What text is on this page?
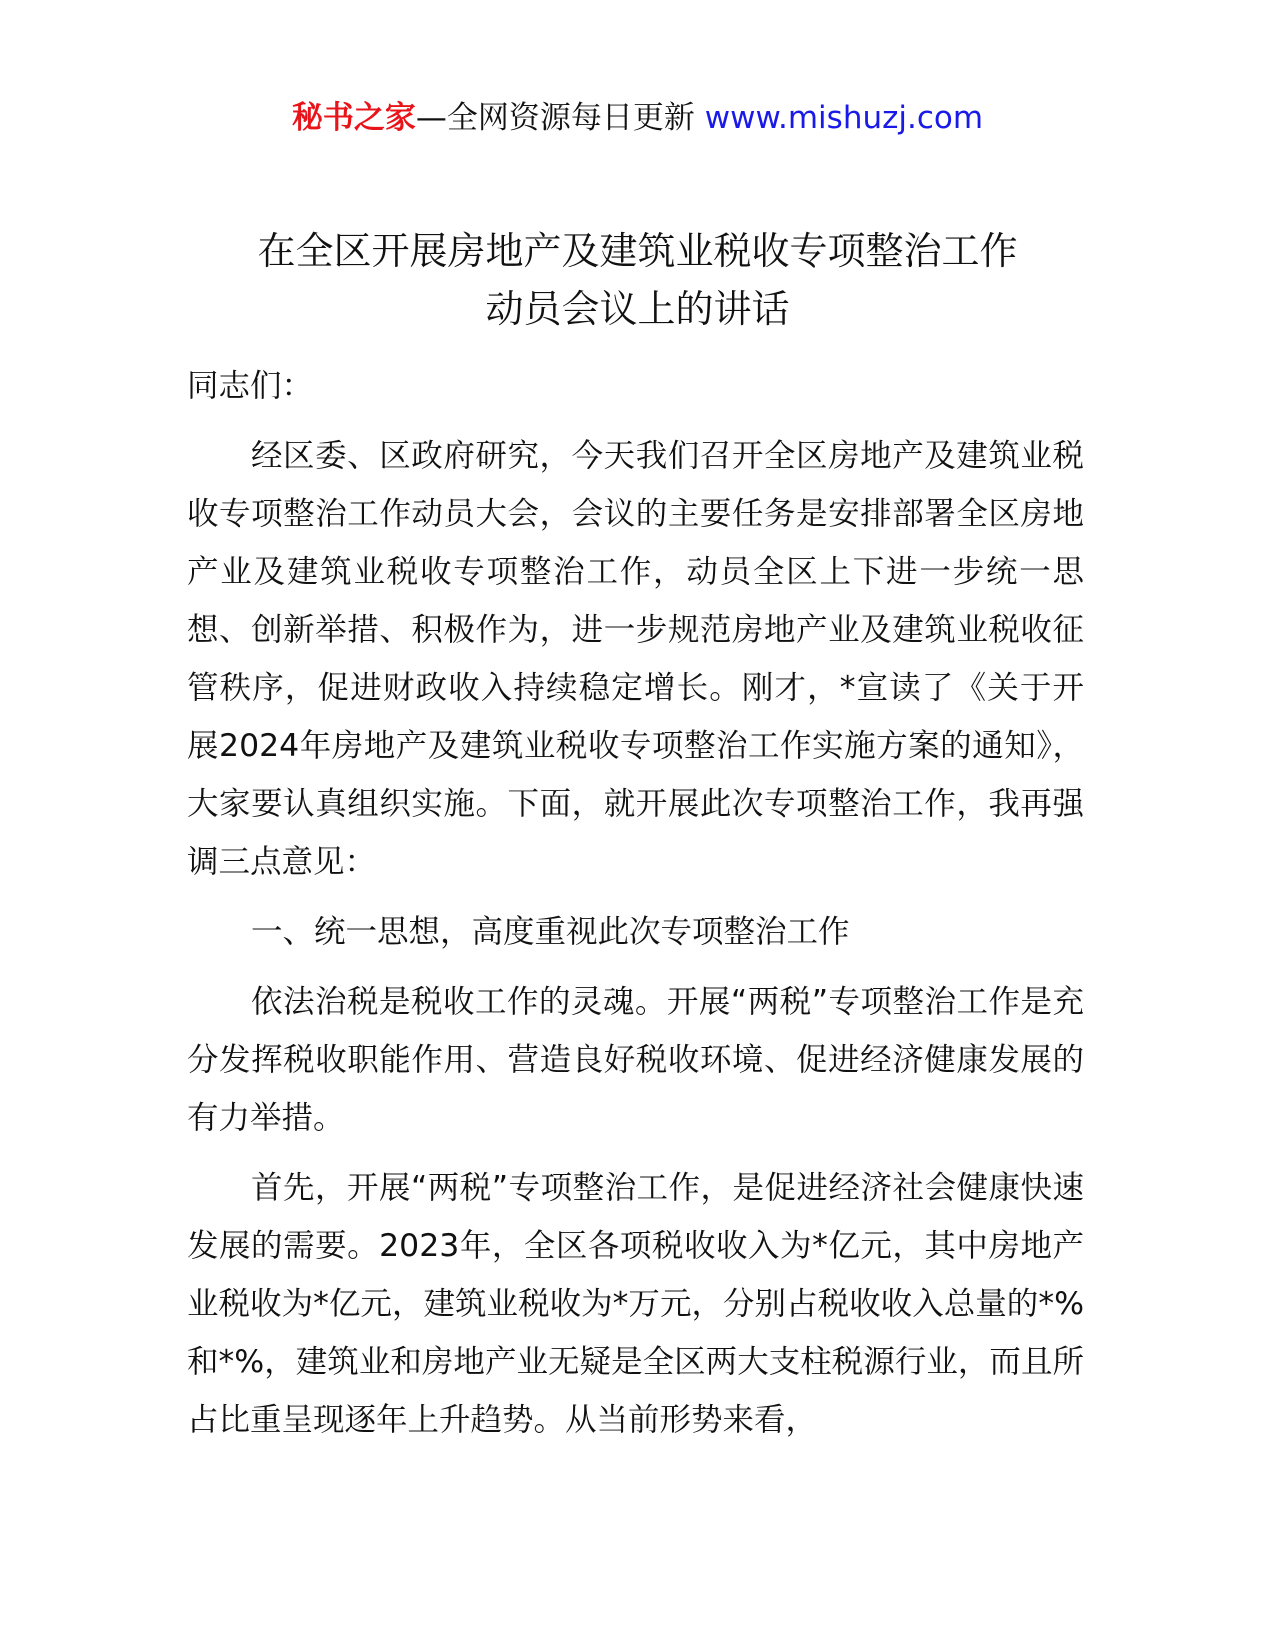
秘书之家—全网资源每日更新 www.mishuzj.com
在全区开展房地产及建筑业税收专项整治工作
动员会议上的讲话

同志们：

经区委、区政府研究，今天我们召开全区房地产及建筑业税收专项整治工作动员大会，会议的主要任务是安排部署全区房地产业及建筑业税收专项整治工作，动员全区上下进一步统一思想、创新举措、积极作为，进一步规范房地产业及建筑业税收征管秩序，促进财政收入持续稳定增长。刚才，*宣读了《关于开展2024年房地产及建筑业税收专项整治工作实施方案的通知》，大家要认真组织实施。下面，就开展此次专项整治工作，我再强调三点意见：

一、统一思想，高度重视此次专项整治工作

依法治税是税收工作的灵魂。开展“两税”专项整治工作是充分发挥税收职能作用、营造良好税收环境、促进经济健康发展的有力举措。

首先，开展“两税”专项整治工作，是促进经济社会健康快速发展的需要。2023年，全区各项税收收入为*亿元，其中房地产业税收为*亿元，建筑业税收为*万元，分别占税收收入总量的*%和*%，建筑业和房地产业无疑是全区两大支柱税源行业，而且所占比重呈现逐年上升趋势。从当前形势来看，
